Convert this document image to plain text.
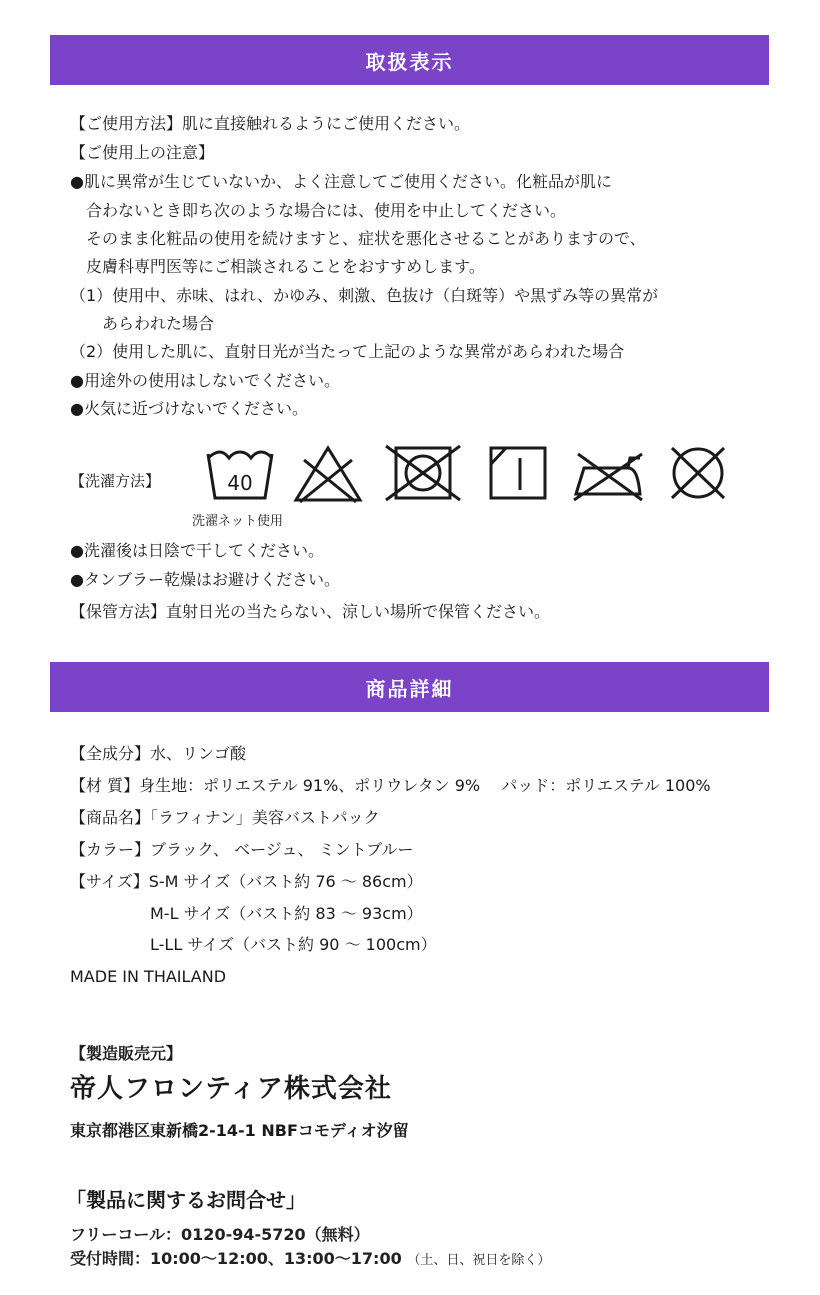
取扱表示
【ご使用方法】肌に直接触れるようにご使用ください。
【ご使用上の注意】
●肌に異常が生じていないか、よく注意してご使用ください。化粧品が肌に
　合わないとき即ち次のような場合には、使用を中止してください。
　そのまま化粧品の使用を続けますと、症状を悪化させることがありますので、
　皮膚科専門医等にご相談されることをおすすめします。
（1）使用中、赤味、はれ、かゆみ、刺激、色抜け（白斑等）や黒ずみ等の異常が
　　あらわれた場合
（2）使用した肌に、直射日光が当たって上記のような異常があらわれた場合
●用途外の使用はしないでください。
●火気に近づけないでください。
【洗濯方法】	40
洗濯ネット使用
●洗濯後は日陰で干してください。
●タンブラー乾燥はお避けください。
【保管方法】直射日光の当たらない、涼しい場所で保管ください。
商品詳細
【全成分】水、リンゴ酸
【材 質】身生地：ポリエステル 91%、ポリウレタン 9%　 パッド：ポリエステル 100%
【商品名】「ラフィナン」美容バストパック
【カラー】ブラック、 ベージュ、 ミントブルー
【サイズ】S-M サイズ（バスト約 76 ～ 86cm）
　　　　　M-L サイズ（バスト約 83 ～ 93cm）
　　　　　L-LL サイズ（バスト約 90 ～ 100cm）
MADE IN THAILAND
【製造販売元】
帝人フロンティア株式会社
東京都港区東新橋2-14-1 NBFコモディオ汐留
「製品に関するお問合せ」
フリーコール：0120-94-5720（無料）
受付時間：10:00～12:00、13:00～17:00 （土、日、祝日を除く）
